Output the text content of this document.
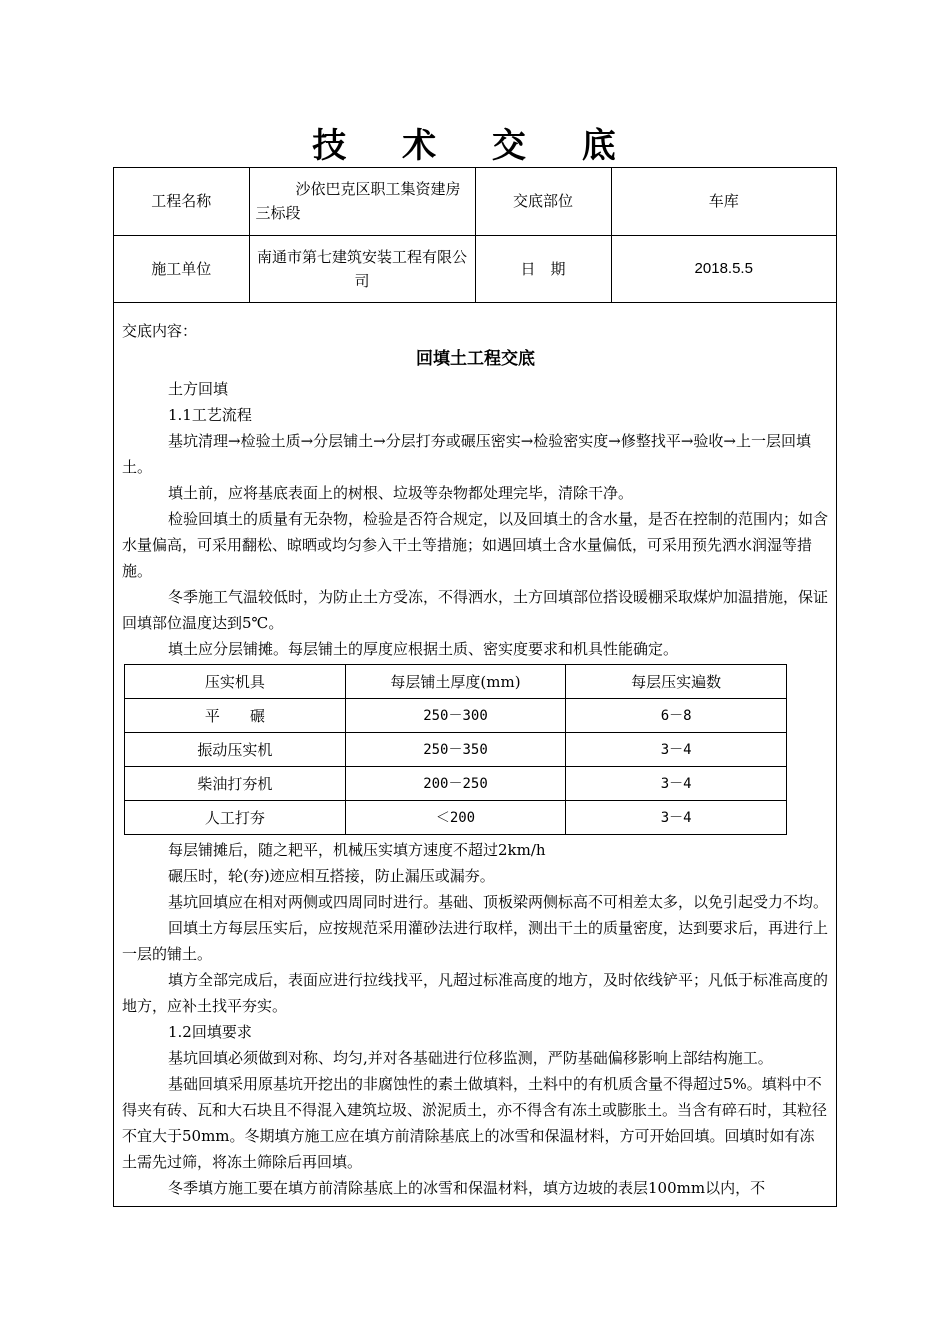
技 术 交 底
工程名称	沙依巴克区职工集资建房三标段	交底部位	车库
施工单位	南通市第七建筑安装工程有限公司	日　期	2018.5.5

交底内容：

回填土工程交底

土方回填

1.1工艺流程

基坑清理→检验土质→分层铺土→分层打夯或碾压密实→检验密实度→修整找平→验收→上一层回填土。

填土前，应将基底表面上的树根、垃圾等杂物都处理完毕，清除干净。

检验回填土的质量有无杂物，检验是否符合规定，以及回填土的含水量，是否在控制的范围内；如含水量偏高，可采用翻松、晾晒或均匀参入干土等措施；如遇回填土含水量偏低，可采用预先洒水润湿等措施。

冬季施工气温较低时，为防止土方受冻，不得洒水，土方回填部位搭设暖棚采取煤炉加温措施，保证回填部位温度达到5℃。

填土应分层铺摊。每层铺土的厚度应根据土质、密实度要求和机具性能确定。

压实机具	每层铺土厚度(mm)	每层压实遍数
平　　碾	250－300	6－8
振动压实机	250－350	3－4
柴油打夯机	200－250	3－4
人工打夯	＜200	3－4

每层铺摊后，随之耙平，机械压实填方速度不超过2km/h

碾压时，轮(夯)迹应相互搭接，防止漏压或漏夯。

基坑回填应在相对两侧或四周同时进行。基础、顶板梁两侧标高不可相差太多，以免引起受力不均。

回填土方每层压实后，应按规范采用灌砂法进行取样，测出干土的质量密度，达到要求后，再进行上一层的铺土。

填方全部完成后，表面应进行拉线找平，凡超过标准高度的地方，及时依线铲平；凡低于标准高度的地方，应补土找平夯实。

1.2回填要求

基坑回填必须做到对称、均匀,并对各基础进行位移监测，严防基础偏移影响上部结构施工。

基础回填采用原基坑开挖出的非腐蚀性的素土做填料，土料中的有机质含量不得超过5%。填料中不得夹有砖、瓦和大石块且不得混入建筑垃圾、淤泥质土，亦不得含有冻土或膨胀土。当含有碎石时，其粒径不宜大于50mm。冬期填方施工应在填方前清除基底上的冰雪和保温材料，方可开始回填。回填时如有冻土需先过筛，将冻土筛除后再回填。

冬季填方施工要在填方前清除基底上的冰雪和保温材料，填方边坡的表层100mm以内，不
